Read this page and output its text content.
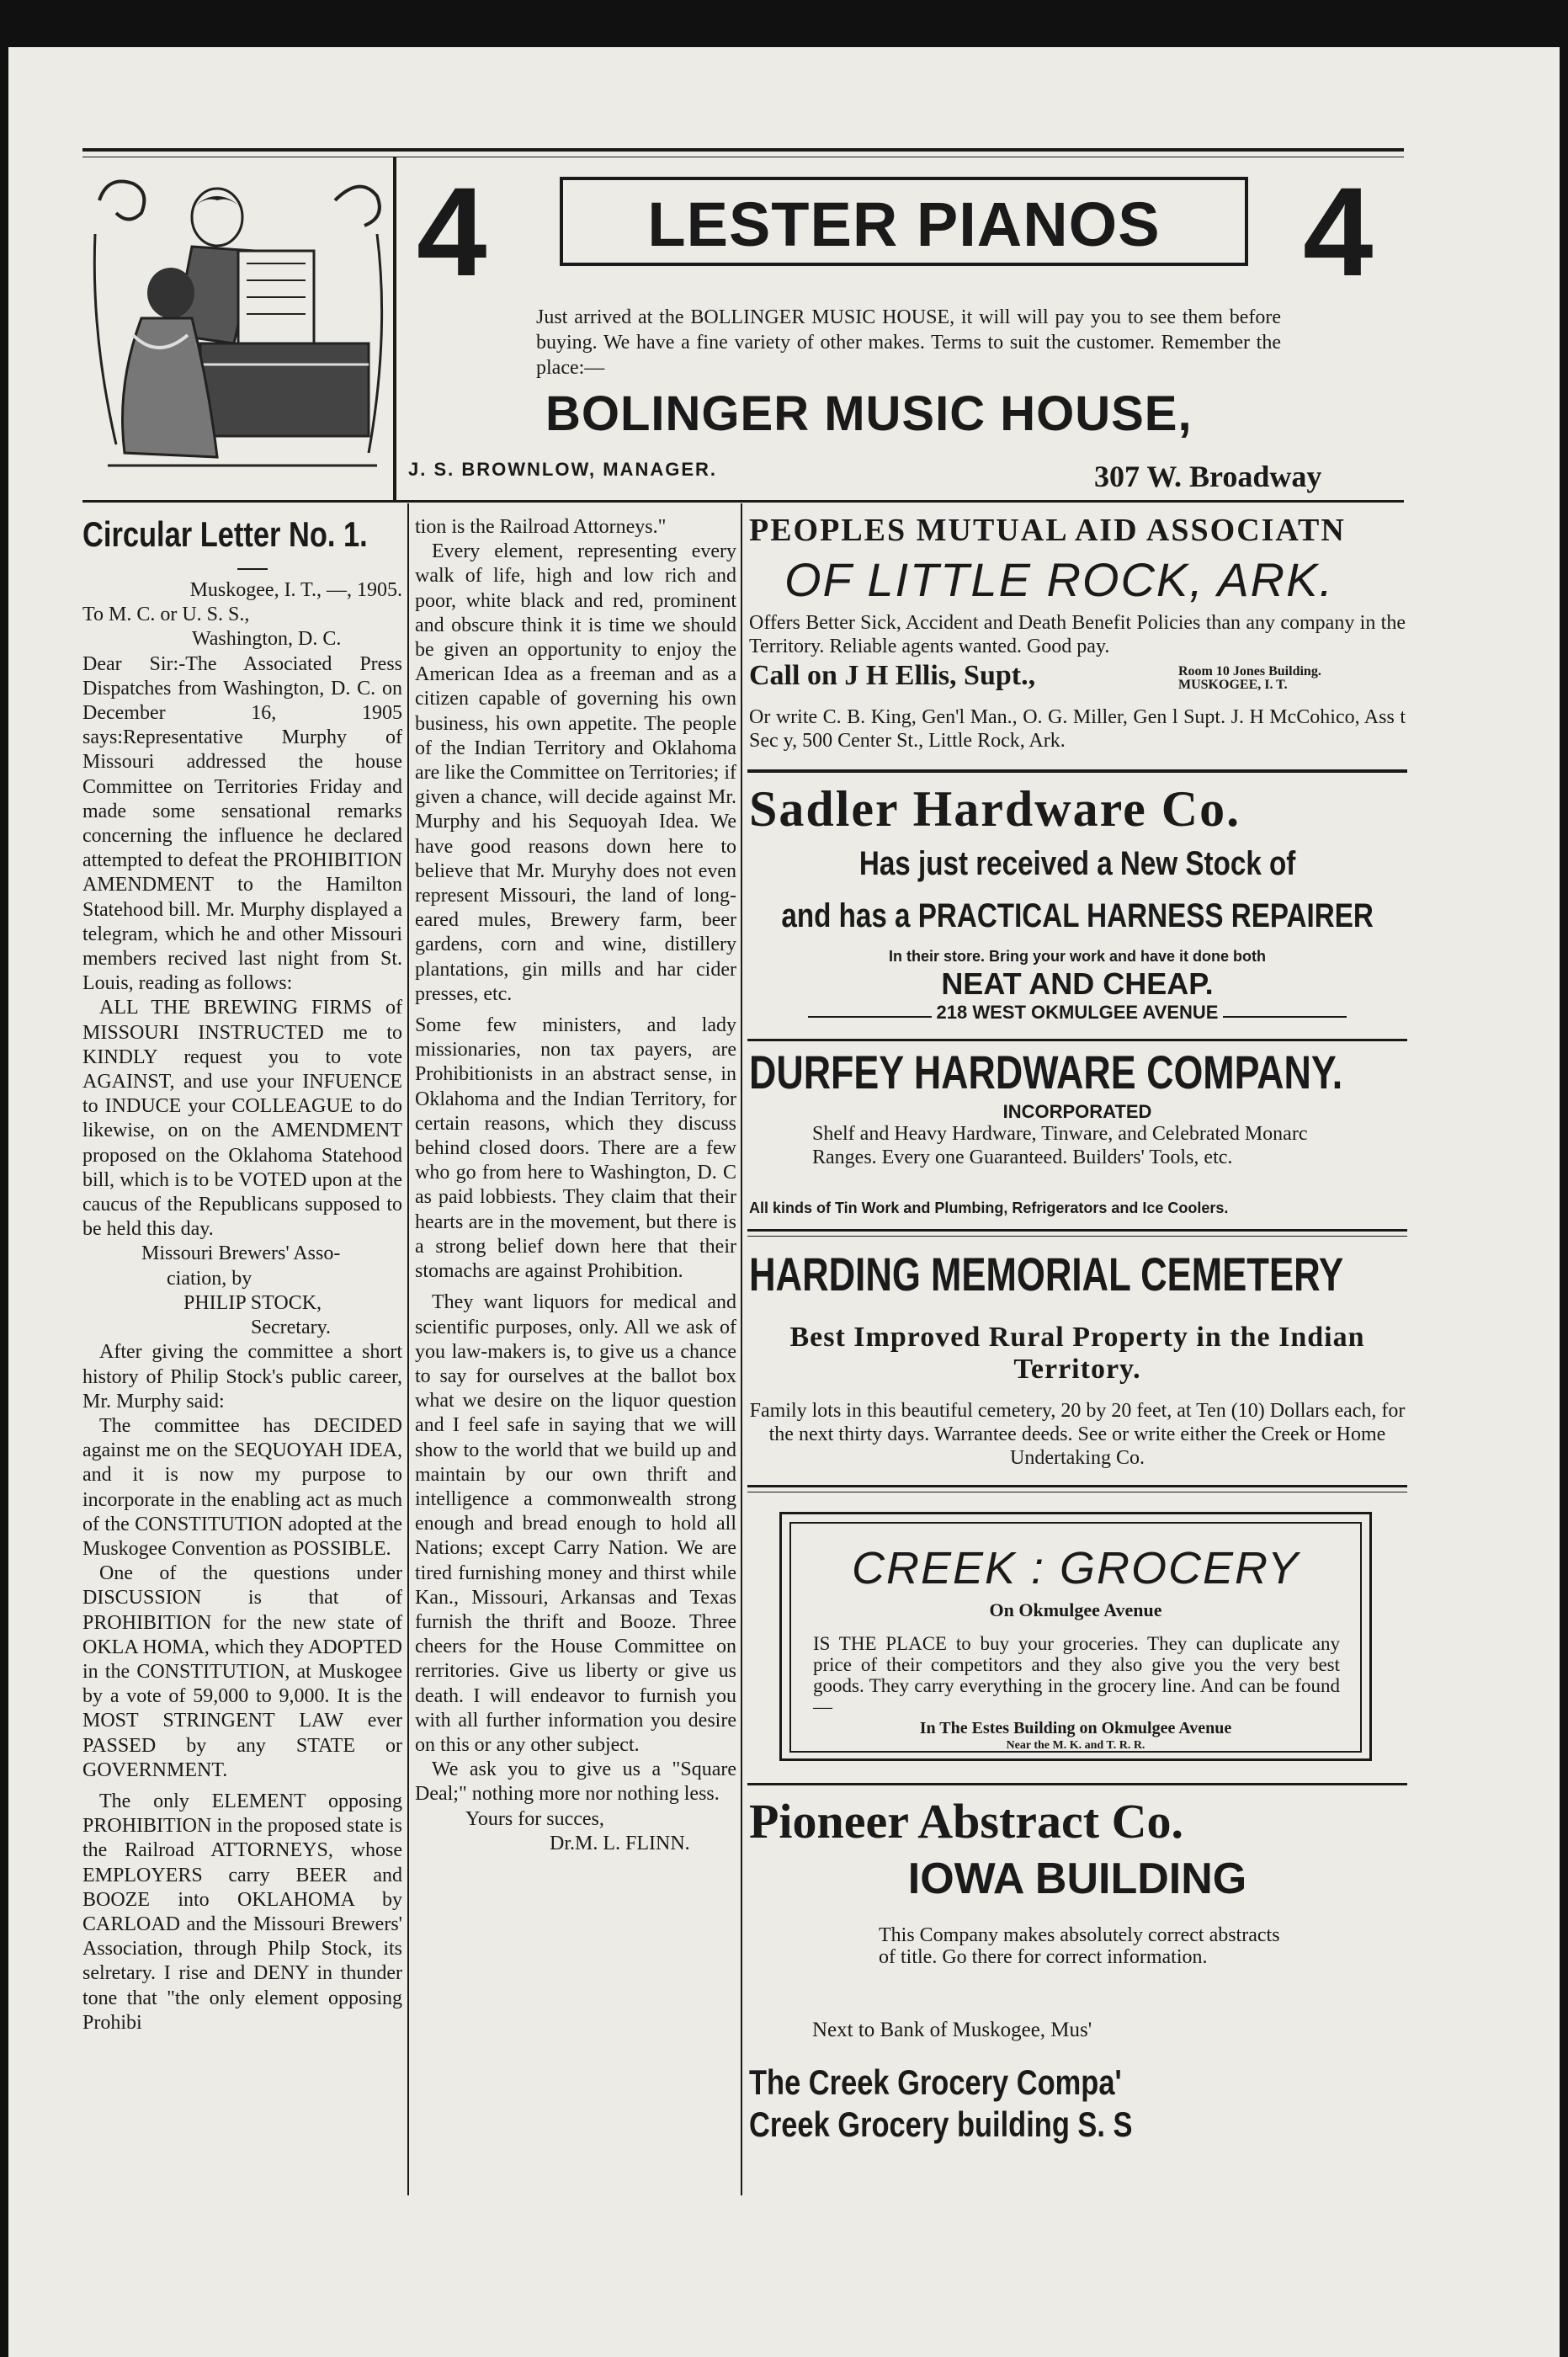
4	4
LESTER PIANOS
Just arrived at the BOLLINGER MUSIC HOUSE, it will will pay you to see them before buying. We have a fine variety of other makes. Terms to suit the customer. Remember the place:—
BOLINGER MUSIC HOUSE,
J. S. BROWNLOW, MANAGER.	307 W. Broadway
Circular Letter No. 1.

Muskogee, I. T., —, 1905.

To M. C. or U. S. S.,

Washington, D. C.

Dear Sir:-The Associated Press Dispatches from Washington, D. C. on December 16, 1905 says:Representative Murphy of Missouri addressed the house Committee on Territories Friday and made some sensational remarks concerning the influence he declared attempted to defeat the PROHIBITION AMENDMENT to the Hamilton Statehood bill. Mr. Murphy displayed a telegram, which he and other Missouri members recived last night from St. Louis, reading as follows:

ALL THE BREWING FIRMS of MISSOURI INSTRUCTED me to KINDLY request you to vote AGAINST, and use your INFUENCE to INDUCE your COLLEAGUE to do likewise, on on the AMENDMENT proposed on the Oklahoma Statehood bill, which is to be VOTED upon at the caucus of the Republicans supposed to be held this day.

Missouri Brewers' Asso-

ciation, by

PHILIP STOCK,

Secretary.

After giving the committee a short history of Philip Stock's public career, Mr. Murphy said:

The committee has DECIDED against me on the SEQUOYAH IDEA, and it is now my purpose to incorporate in the enabling act as much of the CONSTITUTION adopted at the Muskogee Convention as POSSIBLE.

One of the questions under DISCUSSION is that of PROHIBITION for the new state of OKLA HOMA, which they ADOPTED in the CONSTITUTION, at Muskogee by a vote of 59,000 to 9,000. It is the MOST STRINGENT LAW ever PASSED by any STATE or GOVERNMENT.

The only ELEMENT opposing PROHIBITION in the proposed state is the Railroad ATTORNEYS, whose EMPLOYERS carry BEER and BOOZE into OKLAHOMA by CARLOAD and the Missouri Brewers' Association, through Philp Stock, its selretary. I rise and DENY in thunder tone that "the only element opposing Prohibi

tion is the Railroad Attorneys."

Every element, representing every walk of life, high and low rich and poor, white black and red, prominent and obscure think it is time we should be given an opportunity to enjoy the American Idea as a freeman and as a citizen capable of governing his own business, his own appetite. The people of the Indian Territory and Oklahoma are like the Committee on Territories; if given a chance, will decide against Mr. Murphy and his Sequoyah Idea. We have good reasons down here to believe that Mr. Muryhy does not even represent Missouri, the land of long-eared mules, Brewery farm, beer gardens, corn and wine, distillery plantations, gin mills and har cider presses, etc.

Some few ministers, and lady missionaries, non tax payers, are Prohibitionists in an abstract sense, in Oklahoma and the Indian Territory, for certain reasons, which they discuss behind closed doors. There are a few who go from here to Washington, D. C as paid lobbiests. They claim that their hearts are in the movement, but there is a strong belief down here that their stomachs are against Prohibition.

They want liquors for medical and scientific purposes, only. All we ask of you law-makers is, to give us a chance to say for ourselves at the ballot box what we desire on the liquor question and I feel safe in saying that we will show to the world that we build up and maintain by our own thrift and intelligence a commonwealth strong enough and bread enough to hold all Nations; except Carry Nation. We are tired furnishing money and thirst while Kan., Missouri, Arkansas and Texas furnish the thrift and Booze. Three cheers for the House Committee on rerritories. Give us liberty or give us death. I will endeavor to furnish you with all further information you desire on this or any other subject.

We ask you to give us a "Square Deal;" nothing more nor nothing less.

Yours for succes,

Dr.M. L. FLINN.

PEOPLES MUTUAL AID ASSOCIATN
OF LITTLE ROCK, ARK.
Offers Better Sick, Accident and Death Benefit Policies than any company in the Territory. Reliable agents wanted. Good pay.
Call on J H Ellis, Supt.,	Room 10 Jones Building. MUSKOGEE, I. T.
Or write C. B. King, Gen'l Man., O. G. Miller, Gen l Supt. J. H McCohico, Ass t Sec y, 500 Center St., Little Rock, Ark.
Sadler Hardware Co.
Has just received a New Stock of
and has a PRACTICAL HARNESS REPAIRER
In their store. Bring your work and have it done both
NEAT AND CHEAP.
218 WEST OKMULGEE AVENUE
DURFEY HARDWARE COMPANY.
INCORPORATED
Shelf and Heavy Hardware, Tinware, and Celebrated Monarc Ranges. Every one Guaranteed. Builders' Tools, etc.
All kinds of Tin Work and Plumbing, Refrigerators and Ice Coolers.
HARDING MEMORIAL CEMETERY
Best Improved Rural Property in the Indian Territory.
Family lots in this beautiful cemetery, 20 by 20 feet, at Ten (10) Dollars each, for the next thirty days. Warrantee deeds. See or write either the Creek or Home Undertaking Co.
CREEK : GROCERY
On Okmulgee Avenue
IS THE PLACE to buy your groceries. They can duplicate any price of their competitors and they also give you the very best goods. They carry everything in the grocery line. And can be found—
In The Estes Building on Okmulgee Avenue
Near the M. K. and T. R. R.
Pioneer Abstract Co.
IOWA BUILDING
This Company makes absolutely correct abstracts of title. Go there for correct information.
Next to Bank of Muskogee, Mus'
The Creek Grocery Compa'
Creek Grocery building S. S
